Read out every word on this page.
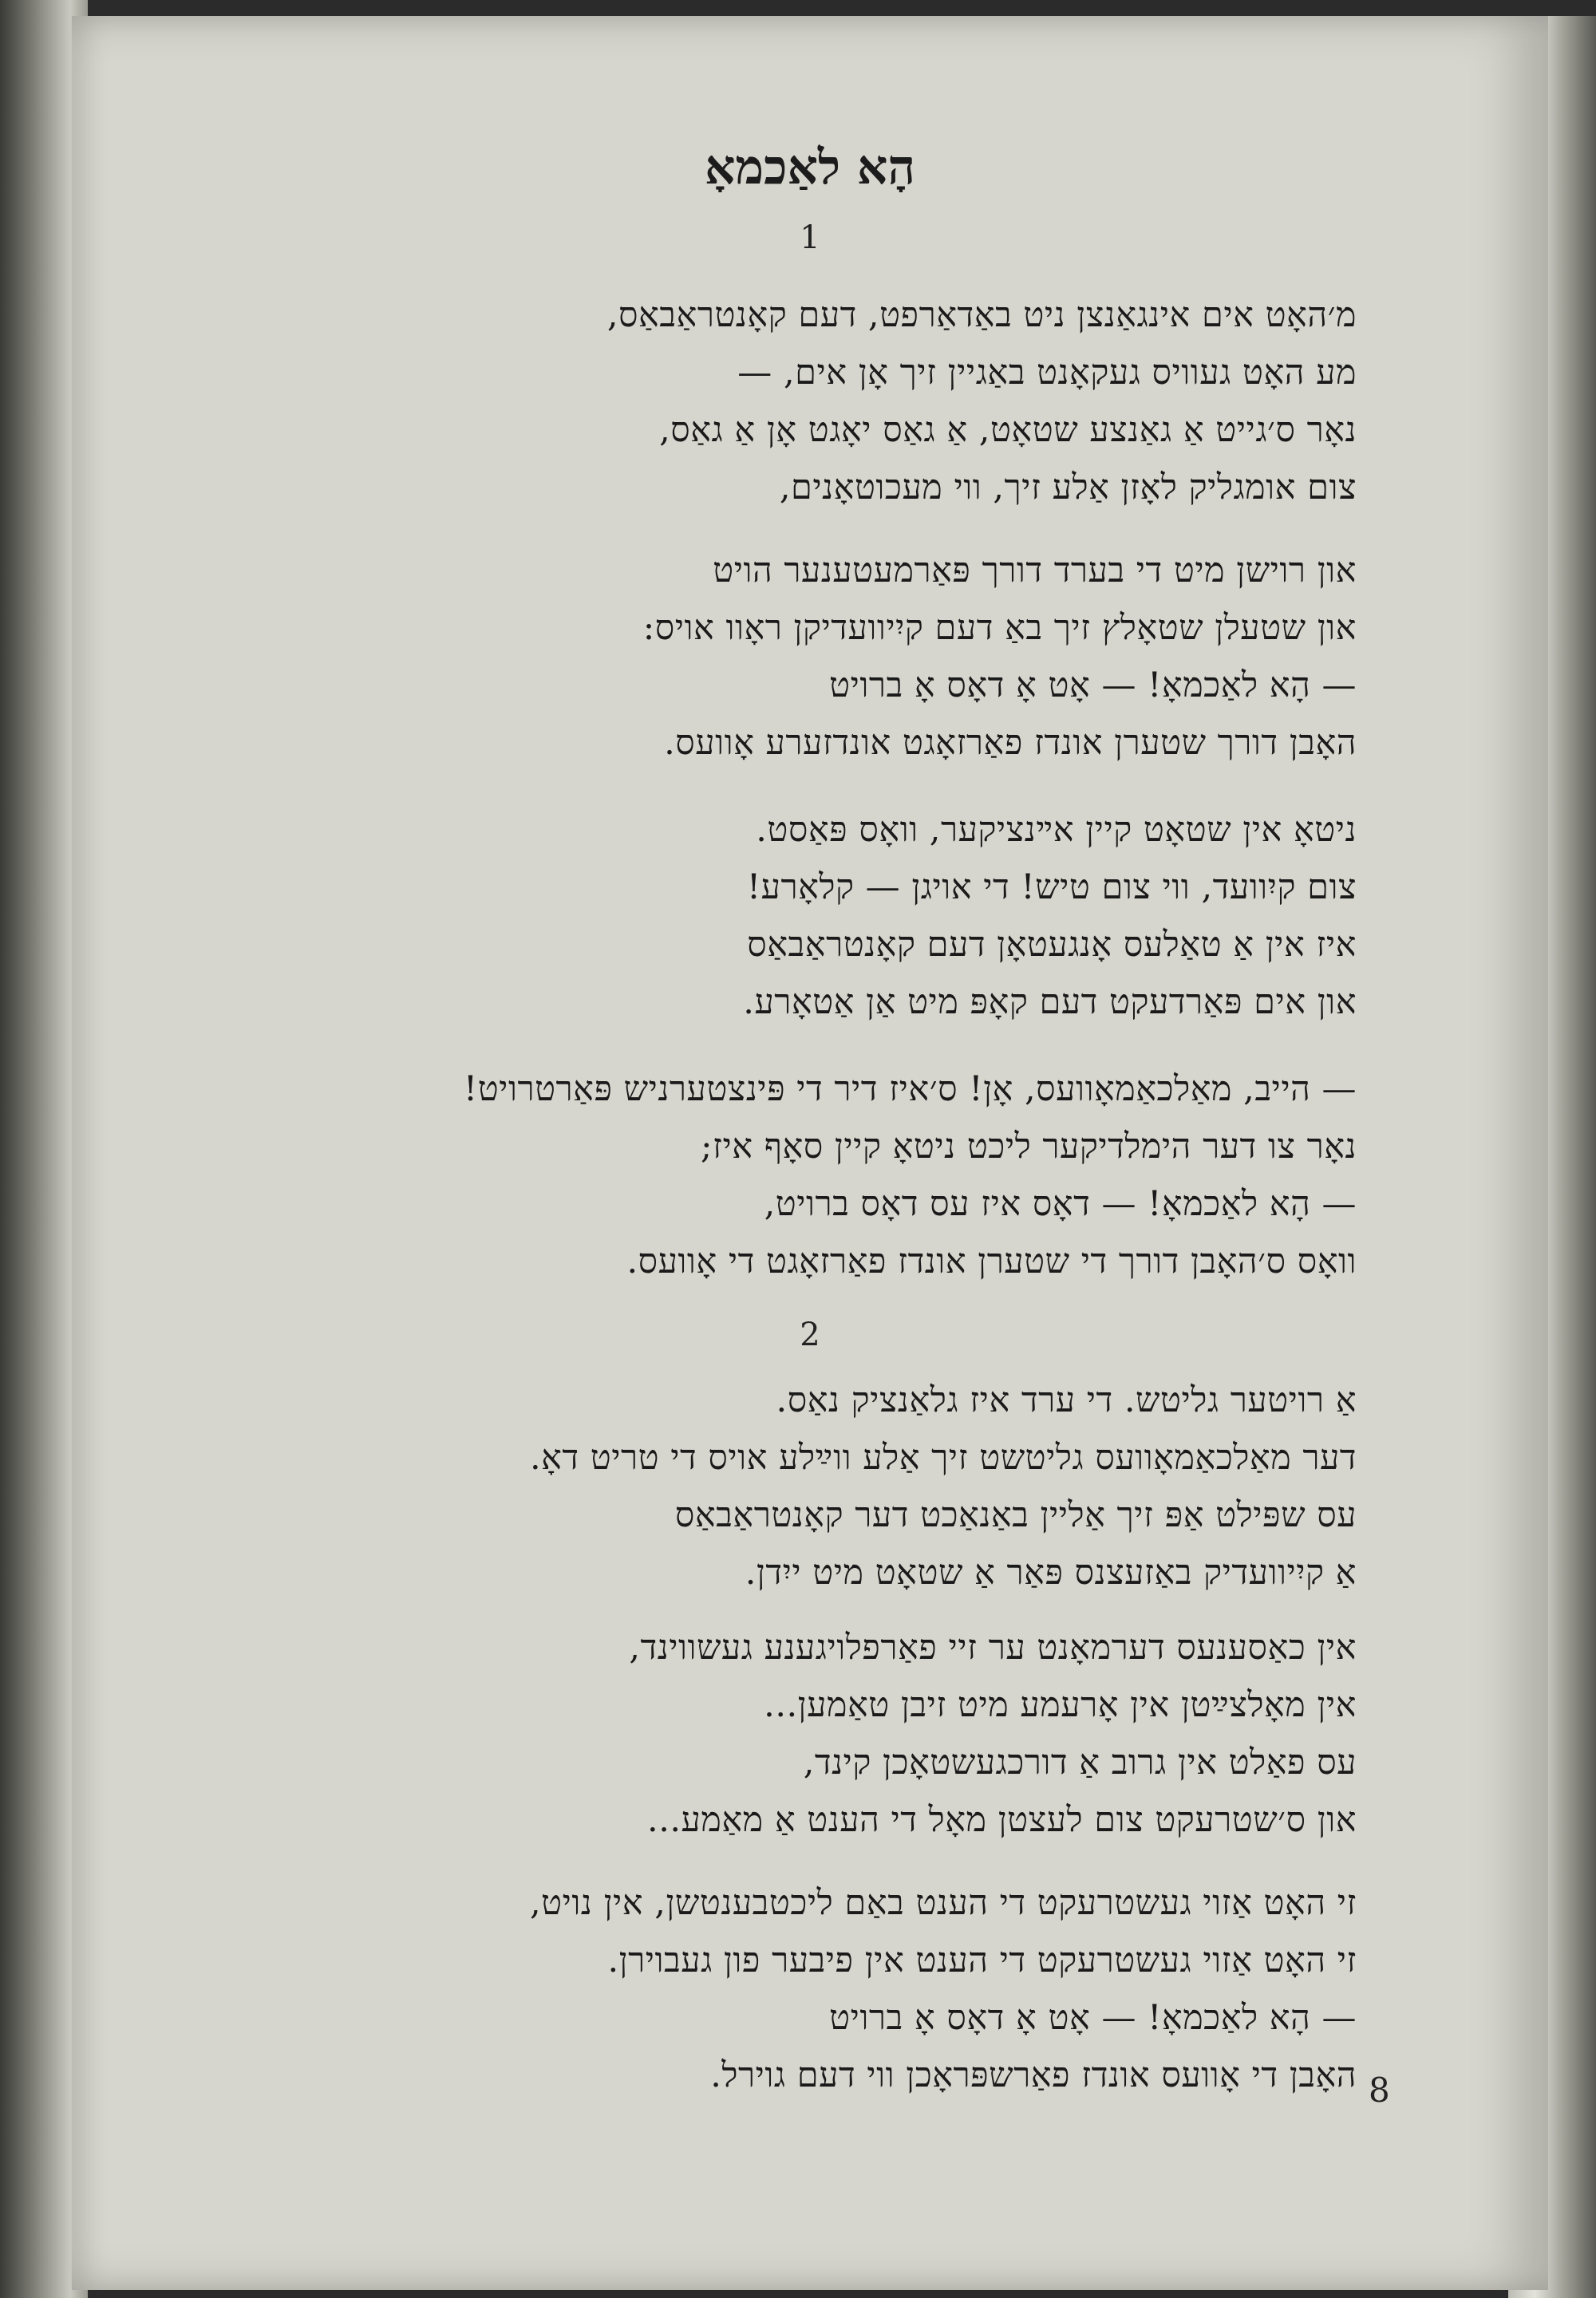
הָא לאַכמאָ
1
מ׳האָט אים אינגאַנצן ניט באַדאַרפט, דעם קאָנטראַבאַס,
מע האָט געוויס געקאָנט באַגיין זיך אָן אים, —
נאָר ס׳גייט אַ גאַנצע שטאָט, אַ גאַס יאָגט אָן אַ גאַס,
צום אומגליק לאָזן אַלע זיך, ווי מעכוטאָנים,
און רוישן מיט די בערד דורך פּאַרמעטענער הויט
און שטעלן שטאָלץ זיך באַ דעם קיִיוועדיקן ראָוו אויס:
— הָא לאַכמאָ! — אָט אָ דאָס אָ ברויט
האָבן דורך שטערן אונדז פאַרזאָגט אונדזערע אָוועס.
ניטאָ אין שטאָט קיין אײנציקער, וואָס פּאַסט.
צום קיִוועד, ווי צום טיש! די אויגן — קלאָרע!
איז אין אַ טאַלעס אָנגעטאָן דעם קאָנטראַבאַס
און אים פּאַרדעקט דעם קאָפּ מיט אַן אַטאָרע.
— הייב, מאַלכאַמאָוועס, אָן! ס׳איז דיר די פּינצטערניש פּאַרטרויט!
נאָר צו דער הימלדיקער ליכט ניטאָ קיין סאָף איז;
— הָא לאַכמאָ! — דאָס איז עס דאָס ברויט,
וואָס ס׳האָבן דורך די שטערן אונדז פאַרזאָגט די אָוועס.
2
אַ רויטער גליטש. די ערד איז גלאַנציק נאַס.
דער מאַלכאַמאָוועס גליטשט זיך אַלע ווײַלע אויס די טריט דאָ.
עס שפּילט אַפּ זיך אַליין באַנאַכט דער קאָנטראַבאַס
אַ קיִיוועדיק באַזעצנס פּאַר אַ שטאָט מיט ייִדן.
אין כאַסענעס דערמאָנט ער זיי פאַרפלויגענע געשווינד,
אין מאָלצײַטן אין אָרעמע מיט זיבן טאַמען...
עס פאַלט אין גרוב אַ דורכגעשטאָכן קינד,
און ס׳שטרעקט צום לעצטן מאָל די הענט אַ מאַמע...
זי האָט אַזוי געשטרעקט די הענט באַם ליכטבענטשן, אין נויט,
זי האָט אַזוי געשטרעקט די הענט אין פיבער פון געבוירן.
— הָא לאַכמאָ! — אָט אָ דאָס אָ ברויט
האָבן די אָוועס אונדז פאַרשפּראָכן ווי דעם גוירל. 8
